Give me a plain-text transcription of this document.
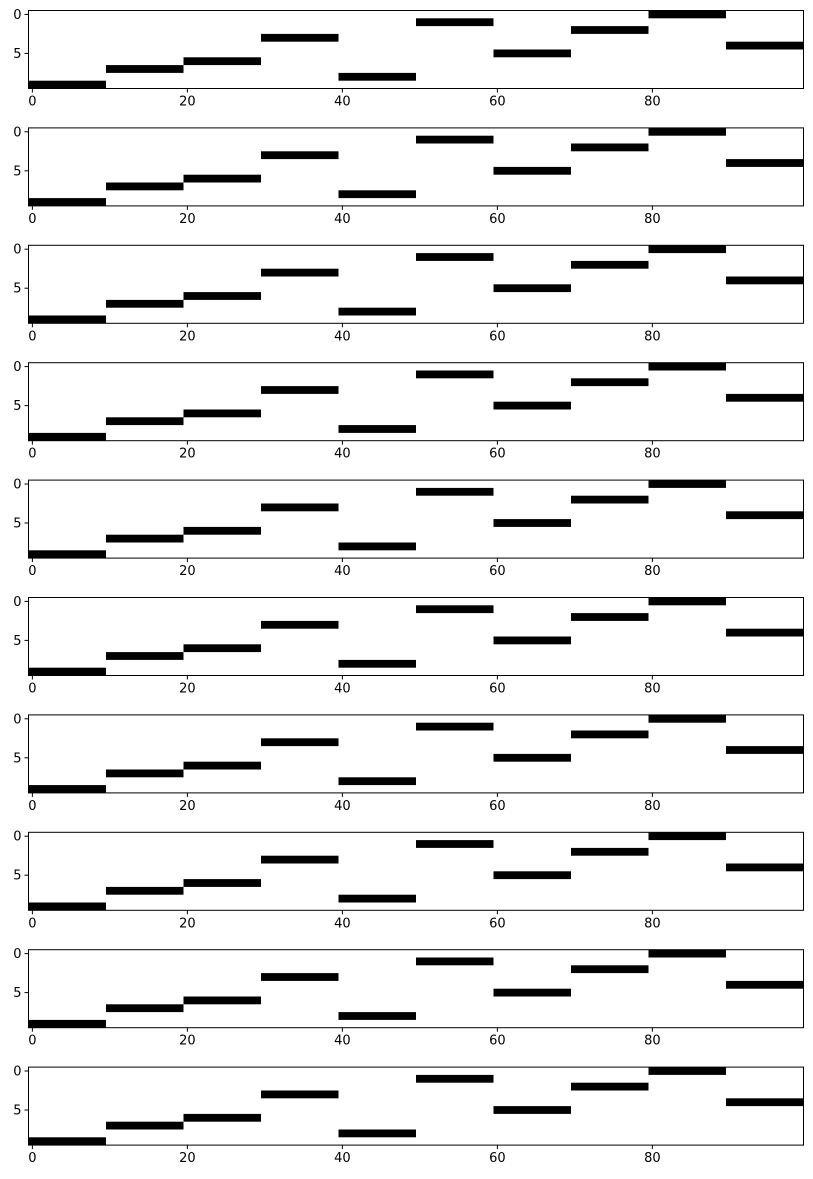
0	20	40	60	80
0
5
0	20	40	60	80
0
5
0	20	40	60	80
0
5
0	20	40	60	80
0
5
0	20	40	60	80
0
5
0	20	40	60	80
0
5
0	20	40	60	80
0
5
0	20	40	60	80
0
5
0	20	40	60	80
0
5
0	20	40	60	80
0
5
